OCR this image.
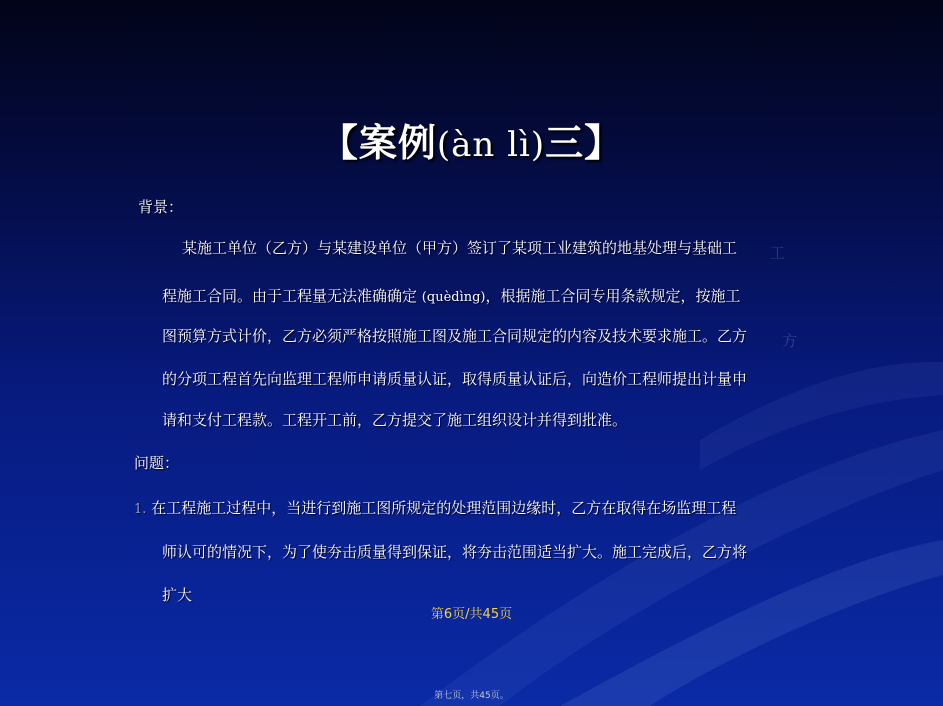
【案例(àn lì)三】
背景：
某施工单位（乙方）与某建设单位（甲方）签订了某项工业建筑的地基处理与基础工 工
程施工合同。由于工程量无法准确确定 (quèdìng)，根据施工合同专用条款规定，按施工
图预算方式计价，乙方必须严格按照施工图及施工合同规定的内容及技术要求施工。乙方 方
的分项工程首先向监理工程师申请质量认证，取得质量认证后，向造价工程师提出计量申
请和支付工程款。工程开工前，乙方提交了施工组织设计并得到批准。
问题：
1. 在工程施工过程中，当进行到施工图所规定的处理范围边缘时，乙方在取得在场监理工程
师认可的情况下，为了使夯击质量得到保证，将夯击范围适当扩大。施工完成后，乙方将
扩大
第6页/共45页
第七页，共45页。
